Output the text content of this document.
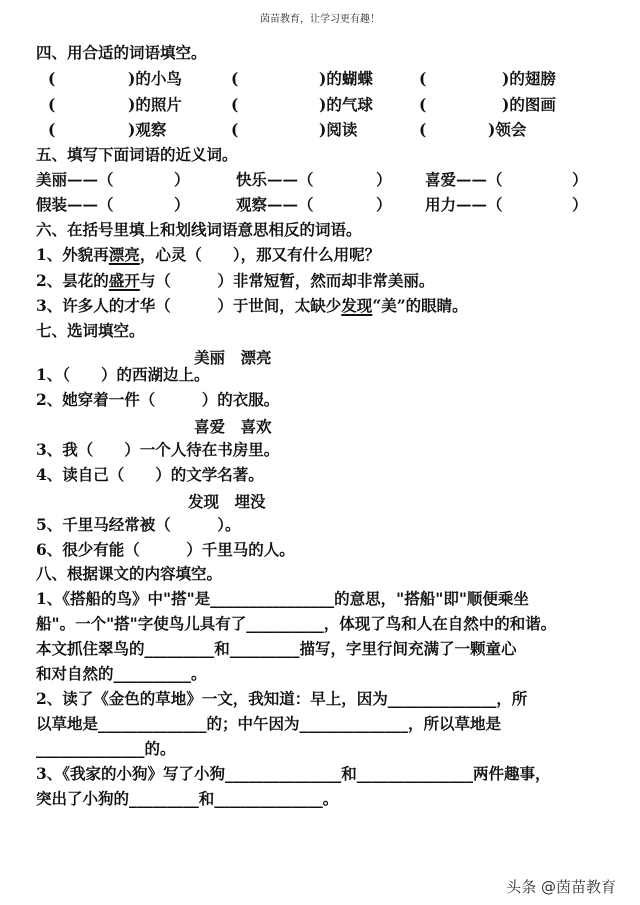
茵苗教育，让学习更有趣！
四、用合适的词语填空。
(	)的小鸟	(	)的蝴蝶	(	)的翅膀
(	)的照片	(	)的气球	(	)的图画
(	)观察	(	)阅读	(	)领会
五、填写下面词语的近义词。
美丽——（	）	快乐——（	） 喜爱——（	）
假装——（	）	观察——（	） 用力——（	）
六、在括号里填上和划线词语意思相反的词语。
1、外貌再漂亮，心灵（　　），那又有什么用呢？
2、昙花的盛开与（　　　）非常短暂，然而却非常美丽。
3、许多人的才华（　　　）于世间，太缺少发现“美”的眼睛。
七、选词填空。
美丽　漂亮
1、（　　）的西湖边上。
2、她穿着一件（　　　）的衣服。
喜爱　喜欢
3、我（　　）一个人待在书房里。
4、读自己（　　）的文学名著。
发现　埋没
5、千里马经常被（　　　）。
6、很少有能（　　　）千里马的人。
八、根据课文的内容填空。
1、《搭船的鸟》中"搭"是________________的意思，"搭船"即"顺便乘坐
船"。一个"搭"字使鸟儿具有了__________，体现了鸟和人在自然中的和谐。
本文抓住翠鸟的_________和_________描写，字里行间充满了一颗童心
和对自然的__________。
2、读了《金色的草地》一文，我知道：早上，因为______________，所
以草地是______________的；中午因为______________，所以草地是
______________的。
3、《我家的小狗》写了小狗_______________和_______________两件趣事，
突出了小狗的_________和______________。
头条 @茵苗教育
